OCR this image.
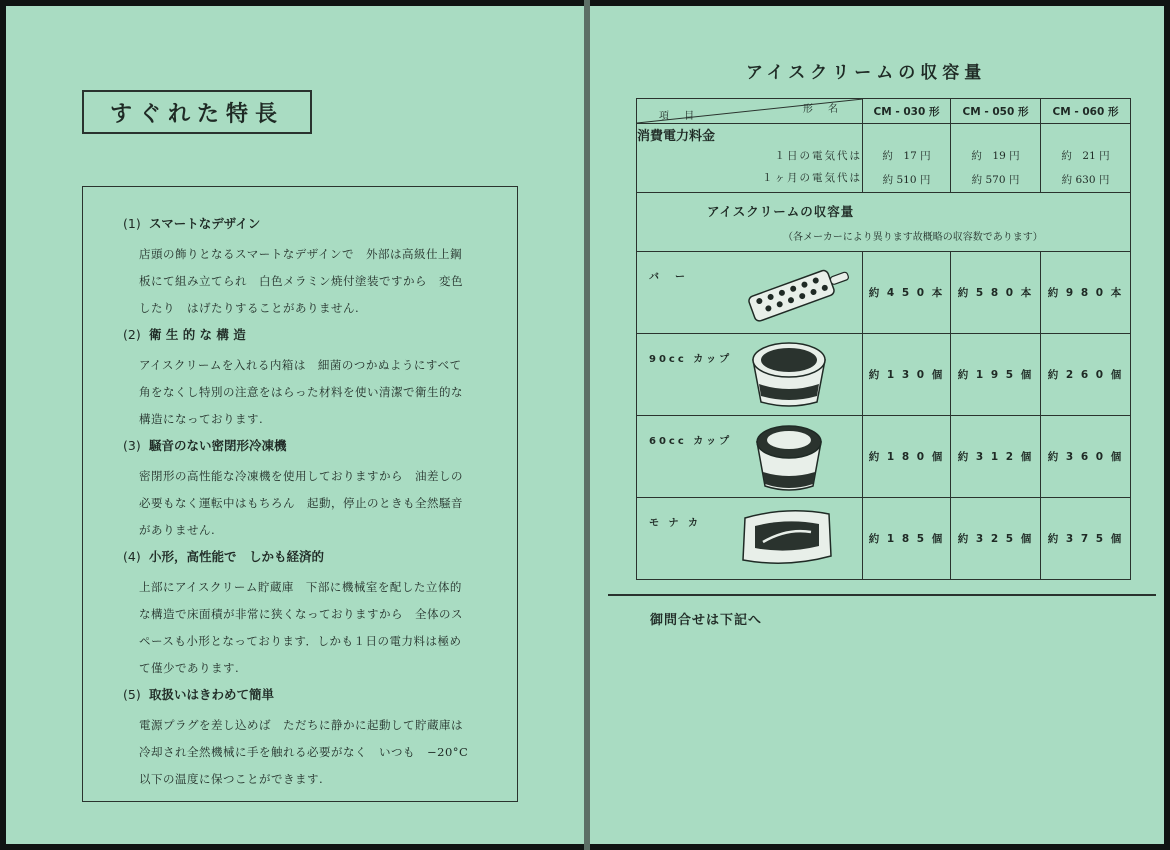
すぐれた特長
(1) スマートなデザイン
店頭の飾りとなるスマートなデザインで　外部は高級仕上鋼
板にて組み立てられ　白色メラミン焼付塗装ですから　変色
したり　はげたりすることがありません.
(2) 衛 生 的 な 構 造
アイスクリームを入れる内箱は　細菌のつかぬようにすべて
角をなくし特別の注意をはらった材料を使い清潔で衛生的な
構造になっております.
(3) 騒音のない密閉形冷凍機
密閉形の高性能な冷凍機を使用しておりますから　油差しの
必要もなく運転中はもちろん　起動，停止のときも全然騒音
がありません.
(4) 小形，高性能で　しかも経済的
上部にアイスクリーム貯蔵庫　下部に機械室を配した立体的
な構造で床面積が非常に狭くなっておりますから　全体のス
ペースも小形となっております．しかも１日の電力料は極め
て僅少であります.
(5) 取扱いはきわめて簡単
電源プラグを差し込めば　ただちに静かに起動して貯蔵庫は
冷却され全然機械に手を触れる必要がなく　いつも　−20°C
以下の温度に保つことができます.
アイスクリームの収容量
形 名
項 目	CM - 030 形	CM - 050 形	CM - 060 形
消費電力料金			
１日の電気代は	約　17 円	約　19 円	約　21 円
１ヶ月の電気代は	約 510 円	約 570 円	約 630 円

アイスクリームの収容量
（各メーカーにより異ります故概略の収容数であります）			

バ　ー	約 4 5 0 本	約 5 8 0 本	約 9 8 0 本

90cc カップ	約 1 3 0 個	約 1 9 5 個	約 2 6 0 個

60cc カップ	約 1 8 0 個	約 3 1 2 個	約 3 6 0 個

モ ナ カ	約 1 8 5 個	約 3 2 5 個	約 3 7 5 個
御問合せは下記へ
